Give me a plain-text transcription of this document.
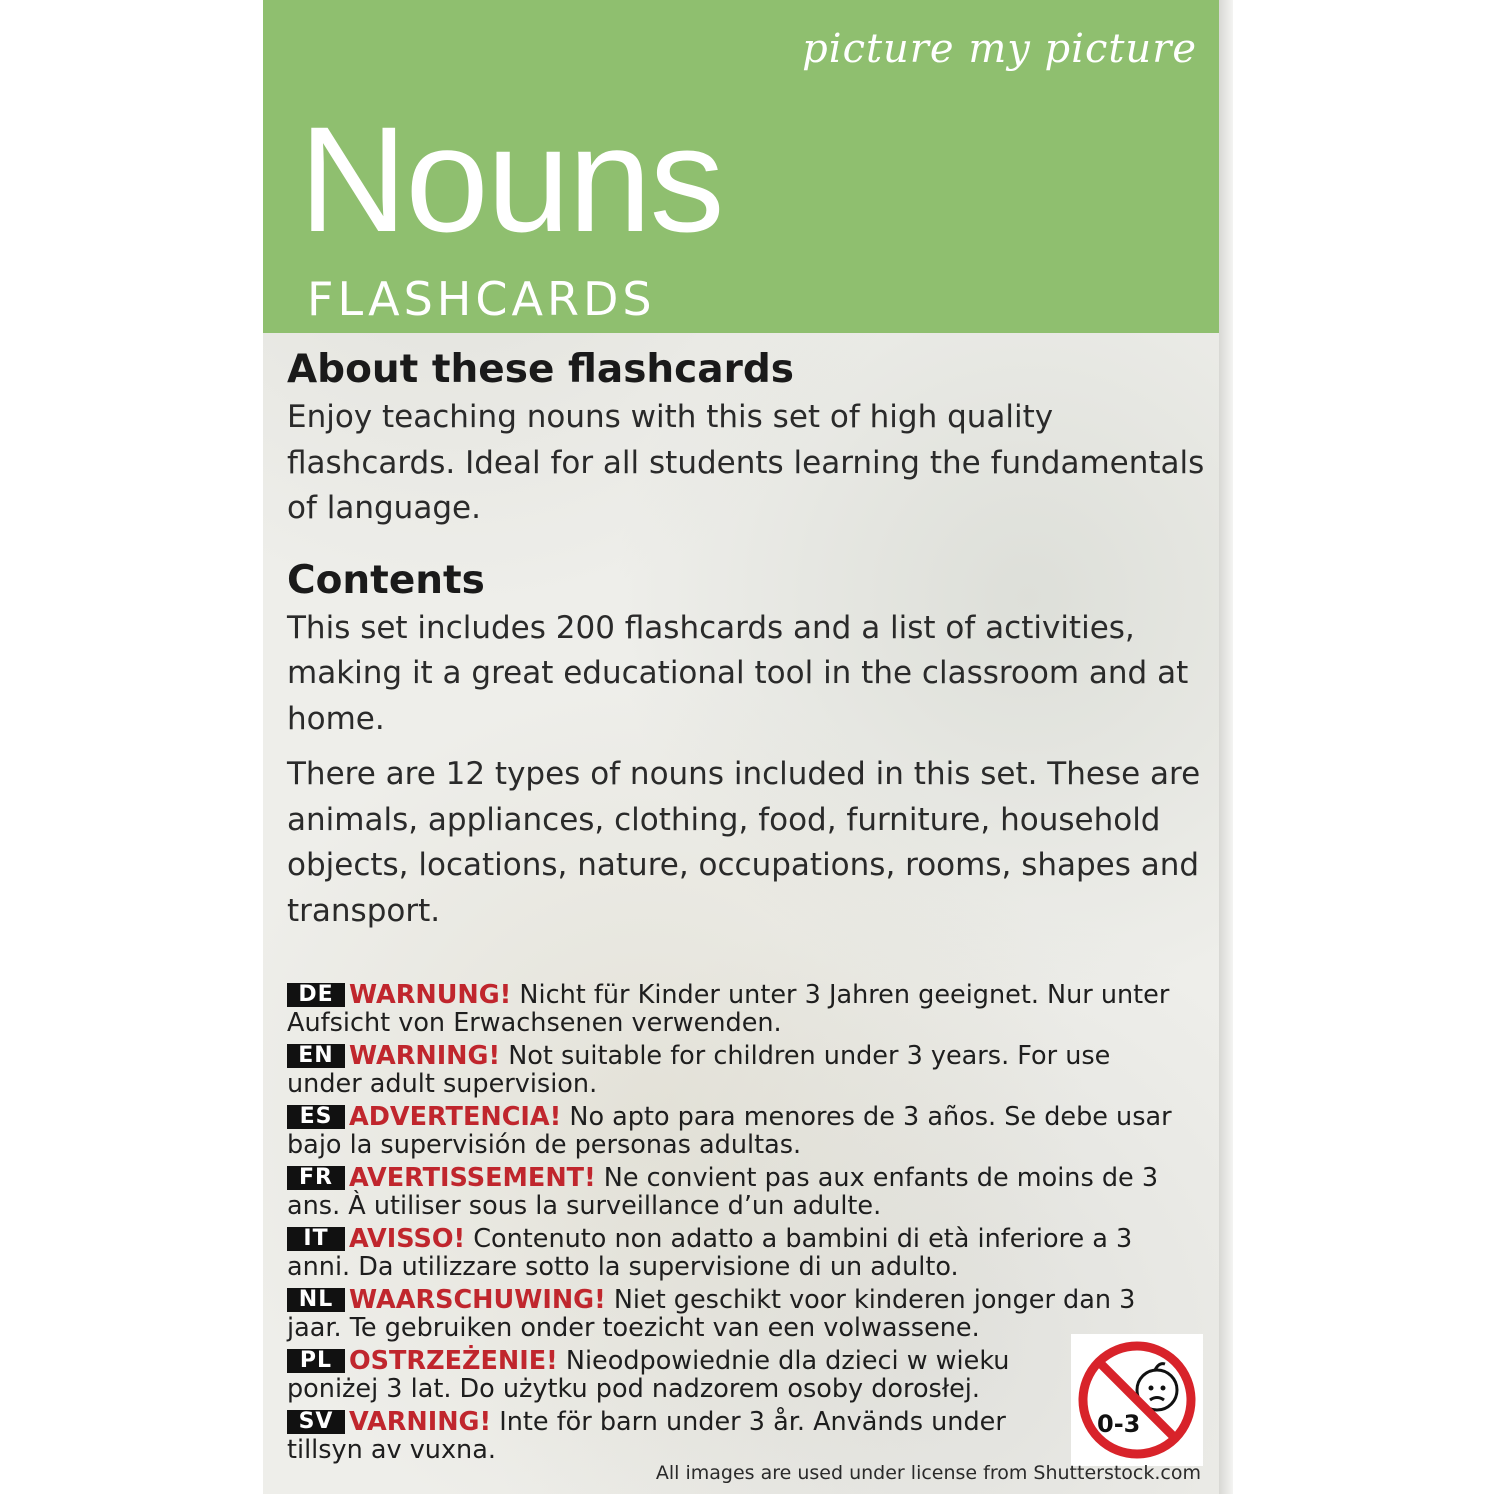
picture my picture
Nouns
FLASHCARDS
About these flashcards

Enjoy teaching nouns with this set of high quality flashcards. Ideal for all students learning the fundamentals of language.

Contents

This set includes 200 flashcards and a list of activities, making it a great educational tool in the classroom and at home.

There are 12 types of nouns included in this set. These are animals, appliances, clothing, food, furniture, household objects, locations, nature, occupations, rooms, shapes and transport.

DE WARNUNG! Nicht für Kinder unter 3 Jahren geeignet. Nur unter Aufsicht von Erwachsenen verwenden.
EN WARNING! Not suitable for children under 3 years. For use under adult supervision.
ES ADVERTENCIA! No apto para menores de 3 años. Se debe usar bajo la supervisión de personas adultas.
FR AVERTISSEMENT! Ne convient pas aux enfants de moins de 3 ans. À utiliser sous la surveillance d’un adulte.
IT AVISSO! Contenuto non adatto a bambini di età inferiore a 3 anni. Da utilizzare sotto la supervisione di un adulto.
NL WAARSCHUWING! Niet geschikt voor kinderen jonger dan 3 jaar. Te gebruiken onder toezicht van een volwassene.
PL OSTRZEŻENIE! Nieodpowiednie dla dzieci w wieku poniżej 3 lat. Do użytku pod nadzorem osoby dorosłej.
SV VARNING! Inte för barn under 3 år. Används under tillsyn av vuxna.
0-3
All images are used under license from Shutterstock.com
